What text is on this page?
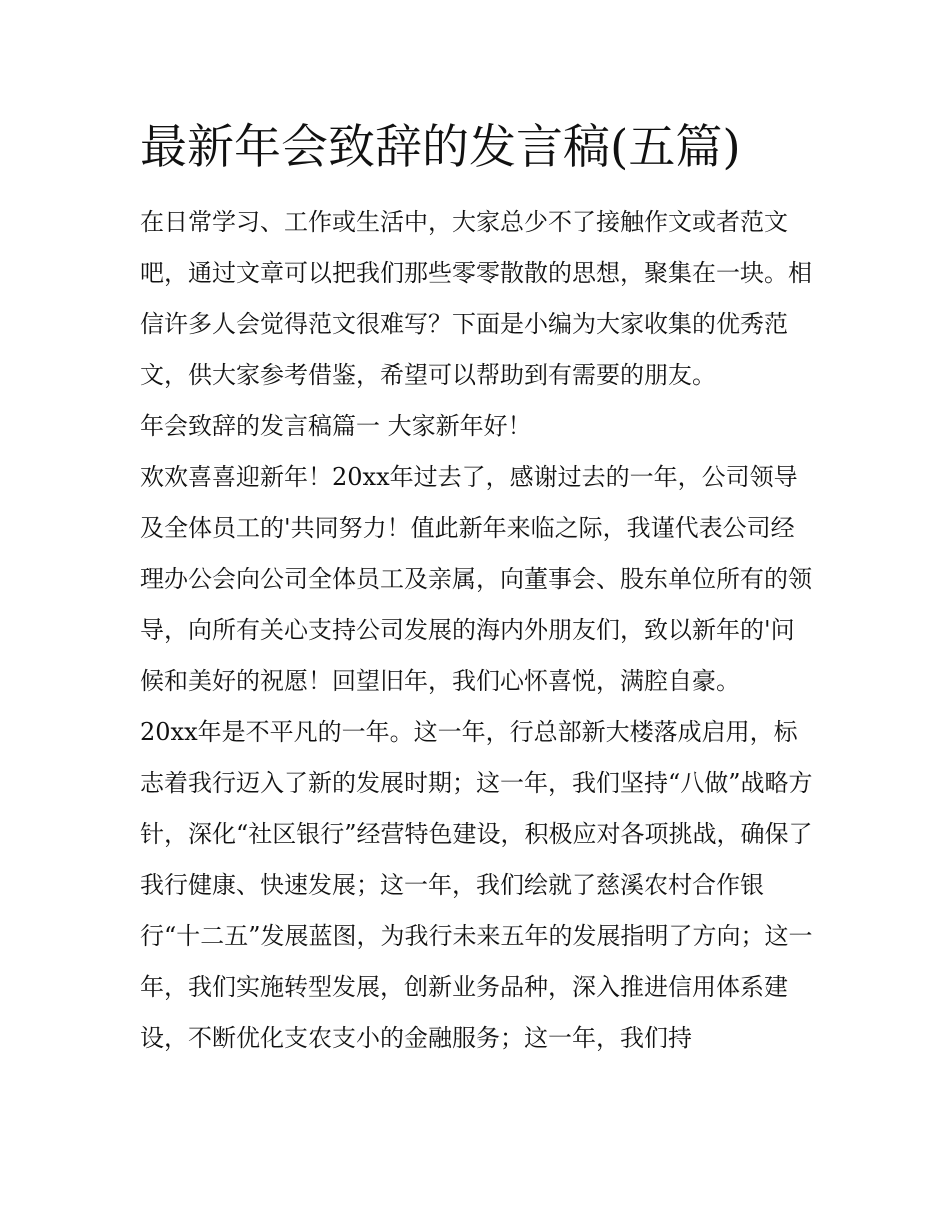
最新年会致辞的发言稿(五篇)

在日常学习、工作或生活中，大家总少不了接触作文或者范文吧，通过文章可以把我们那些零零散散的思想，聚集在一块。相信许多人会觉得范文很难写？下面是小编为大家收集的优秀范文，供大家参考借鉴，希望可以帮助到有需要的朋友。

年会致辞的发言稿篇一 大家新年好！

欢欢喜喜迎新年！20xx年过去了，感谢过去的一年，公司领导及全体员工的'共同努力！值此新年来临之际，我谨代表公司经理办公会向公司全体员工及亲属，向董事会、股东单位所有的领导，向所有关心支持公司发展的海内外朋友们，致以新年的'问候和美好的祝愿！回望旧年，我们心怀喜悦，满腔自豪。

20xx年是不平凡的一年。这一年，行总部新大楼落成启用，标志着我行迈入了新的发展时期；这一年，我们坚持“八做”战略方针，深化“社区银行”经营特色建设，积极应对各项挑战，确保了我行健康、快速发展；这一年，我们绘就了慈溪农村合作银行“十二五”发展蓝图，为我行未来五年的发展指明了方向；这一年，我们实施转型发展，创新业务品种，深入推进信用体系建设，不断优化支农支小的金融服务；这一年，我们持
